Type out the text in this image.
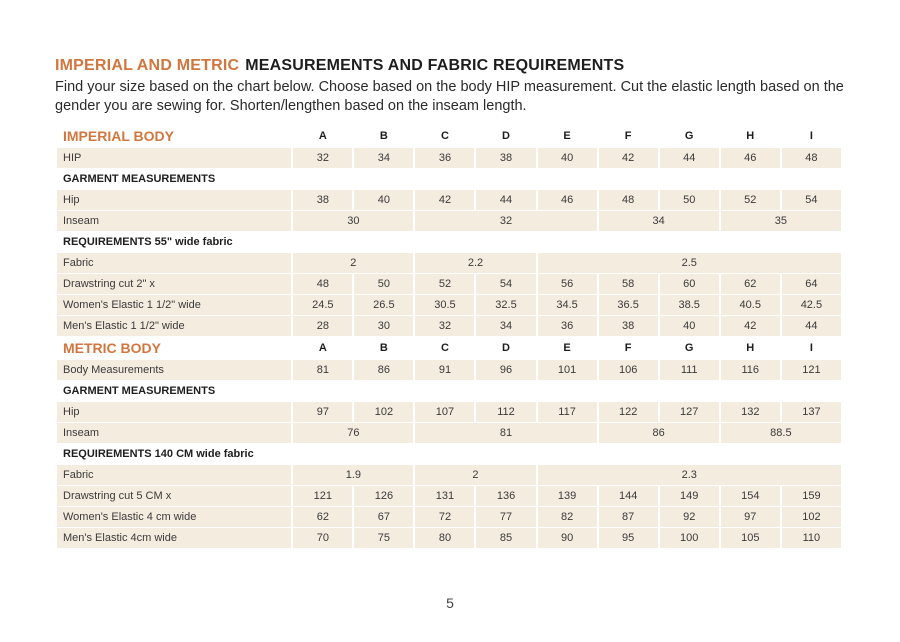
IMPERIAL AND METRIC MEASUREMENTS AND FABRIC REQUIREMENTS

Find your size based on the chart below. Choose based on the body HIP measurement. Cut the elastic length based on the gender you are sewing for. Shorten/lengthen based on the inseam length.

IMPERIAL BODY	A	B	C	D	E	F	G	H	I
HIP	32	34	36	38	40	42	44	46	48
GARMENT MEASUREMENTS									
Hip	38	40	42	44	46	48	50	52	54
Inseam	30		32			34		35	
REQUIREMENTS 55" wide fabric									
Fabric	2		2.2		2.5				
Drawstring cut 2" x	48	50	52	54	56	58	60	62	64
Women's Elastic 1 1/2" wide	24.5	26.5	30.5	32.5	34.5	36.5	38.5	40.5	42.5
Men's Elastic 1 1/2" wide	28	30	32	34	36	38	40	42	44
METRIC BODY	A	B	C	D	E	F	G	H	I
Body Measurements	81	86	91	96	101	106	111	116	121
GARMENT MEASUREMENTS									
Hip	97	102	107	112	117	122	127	132	137
Inseam	76		81			86		88.5	
REQUIREMENTS 140 CM wide fabric									
Fabric	1.9		2		2.3				
Drawstring cut 5 CM x	121	126	131	136	139	144	149	154	159
Women's Elastic 4 cm wide	62	67	72	77	82	87	92	97	102
Men's Elastic 4cm wide	70	75	80	85	90	95	100	105	110
5
